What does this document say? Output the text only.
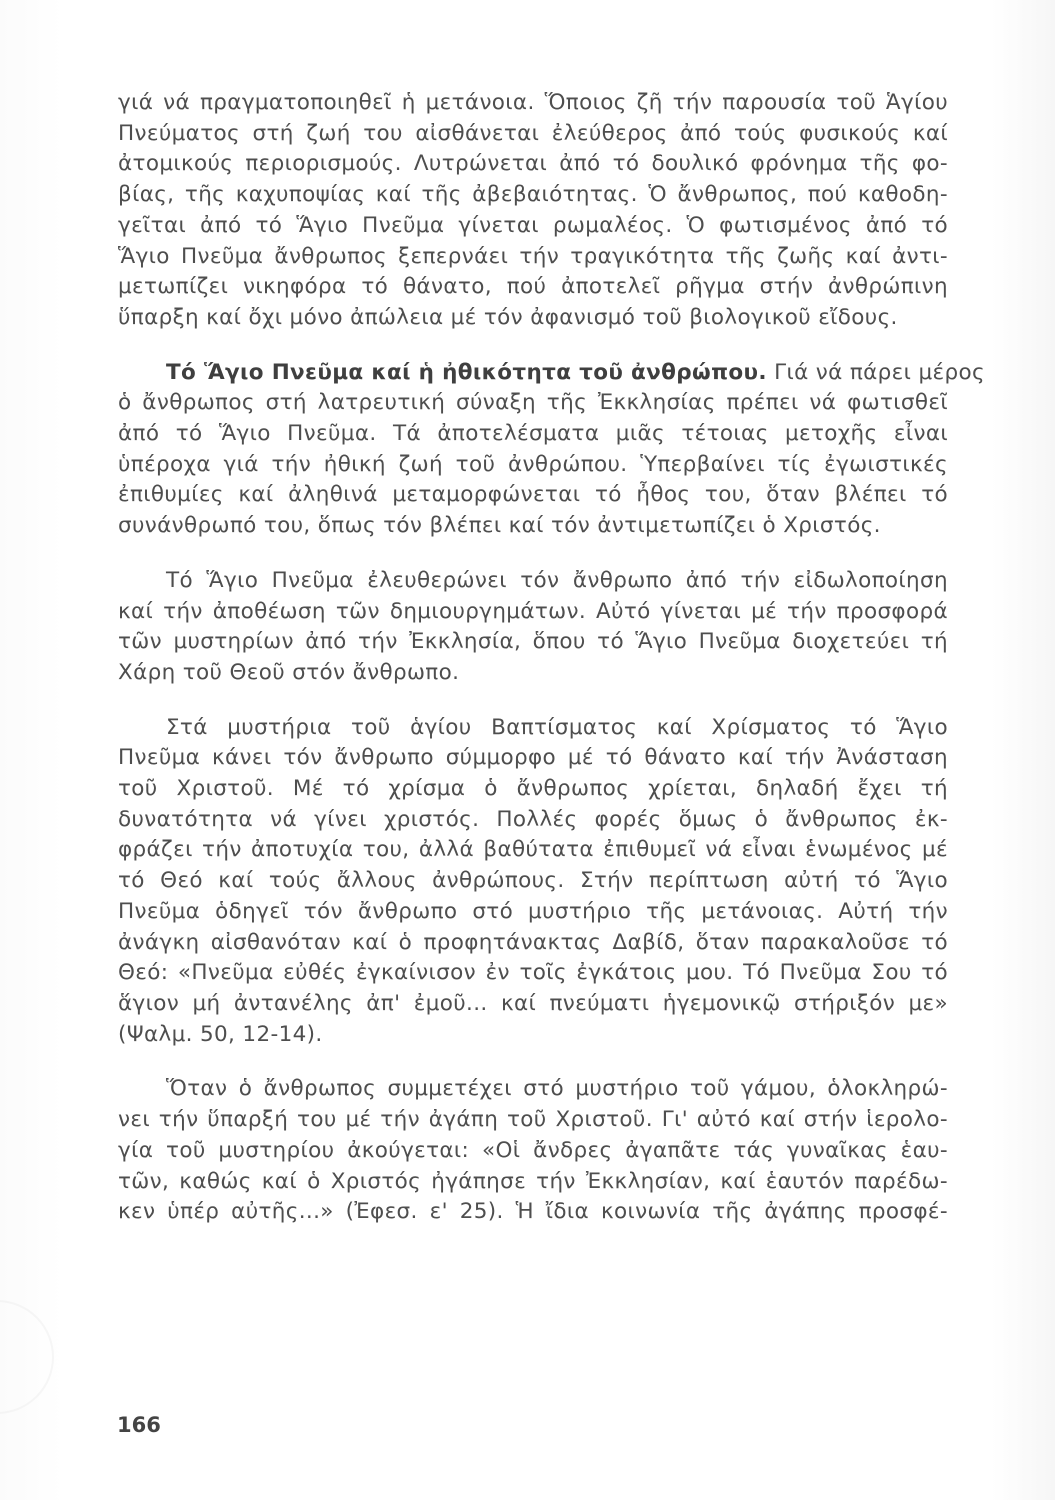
γιά νά πραγματοποιηθεῖ ἡ μετάνοια. Ὅποιος ζῆ τήν παρουσία τοῦ Ἁγίου
Πνεύματος στή ζωή του αἰσθάνεται ἐλεύθερος ἀπό τούς φυσικούς καί
ἀτομικούς περιορισμούς. Λυτρώνεται ἀπό τό δουλικό φρόνημα τῆς φο-
βίας, τῆς καχυποψίας καί τῆς ἀβεβαιότητας. Ὁ ἄνθρωπος, πού καθοδη-
γεῖται ἀπό τό Ἅγιο Πνεῦμα γίνεται ρωμαλέος. Ὁ φωτισμένος ἀπό τό
Ἅγιο Πνεῦμα ἄνθρωπος ξεπερνάει τήν τραγικότητα τῆς ζωῆς καί ἀντι-
μετωπίζει νικηφόρα τό θάνατο, πού ἀποτελεῖ ρῆγμα στήν ἀνθρώπινη
ὕπαρξη καί ὄχι μόνο ἀπώλεια μέ τόν ἀφανισμό τοῦ βιολογικοῦ εἴδους.

Τό Ἅγιο Πνεῦμα καί ἡ ἠθικότητα τοῦ ἀνθρώπου. Γιά νά πάρει μέρος
ὁ ἄνθρωπος στή λατρευτική σύναξη τῆς Ἐκκλησίας πρέπει νά φωτισθεῖ
ἀπό τό Ἅγιο Πνεῦμα. Τά ἀποτελέσματα μιᾶς τέτοιας μετοχῆς εἶναι
ὑπέροχα γιά τήν ἠθική ζωή τοῦ ἀνθρώπου. Ὑπερβαίνει τίς ἐγωιστικές
ἐπιθυμίες καί ἀληθινά μεταμορφώνεται τό ἦθος του, ὅταν βλέπει τό
συνάνθρωπό του, ὅπως τόν βλέπει καί τόν ἀντιμετωπίζει ὁ Χριστός.

Τό Ἅγιο Πνεῦμα ἐλευθερώνει τόν ἄνθρωπο ἀπό τήν εἰδωλοποίηση
καί τήν ἀποθέωση τῶν δημιουργημάτων. Αὐτό γίνεται μέ τήν προσφορά
τῶν μυστηρίων ἀπό τήν Ἐκκλησία, ὅπου τό Ἅγιο Πνεῦμα διοχετεύει τή
Χάρη τοῦ Θεοῦ στόν ἄνθρωπο.

Στά μυστήρια τοῦ ἁγίου Βαπτίσματος καί Χρίσματος τό Ἅγιο
Πνεῦμα κάνει τόν ἄνθρωπο σύμμορφο μέ τό θάνατο καί τήν Ἀνάσταση
τοῦ Χριστοῦ. Μέ τό χρίσμα ὁ ἄνθρωπος χρίεται, δηλαδή ἔχει τή
δυνατότητα νά γίνει χριστός. Πολλές φορές ὅμως ὁ ἄνθρωπος ἐκ-
φράζει τήν ἀποτυχία του, ἀλλά βαθύτατα ἐπιθυμεῖ νά εἶναι ἑνωμένος μέ
τό Θεό καί τούς ἄλλους ἀνθρώπους. Στήν περίπτωση αὐτή τό Ἅγιο
Πνεῦμα ὁδηγεῖ τόν ἄνθρωπο στό μυστήριο τῆς μετάνοιας. Αὐτή τήν
ἀνάγκη αἰσθανόταν καί ὁ προφητάνακτας Δαβίδ, ὅταν παρακαλοῦσε τό
Θεό: «Πνεῦμα εὐθές ἐγκαίνισον ἐν τοῖς ἐγκάτοις μου. Τό Πνεῦμα Σου τό
ἅγιον μή ἀντανέλης ἀπ' ἐμοῦ... καί πνεύματι ἡγεμονικῷ στήριξόν με»
(Ψαλμ. 50, 12-14).

Ὅταν ὁ ἄνθρωπος συμμετέχει στό μυστήριο τοῦ γάμου, ὁλοκληρώ-
νει τήν ὕπαρξή του μέ τήν ἀγάπη τοῦ Χριστοῦ. Γι' αὐτό καί στήν ἱερολο-
γία τοῦ μυστηρίου ἀκούγεται: «Οἱ ἄνδρες ἀγαπᾶτε τάς γυναῖκας ἑαυ-
τῶν, καθώς καί ὁ Χριστός ἠγάπησε τήν Ἐκκλησίαν, καί ἑαυτόν παρέδω-
κεν ὑπέρ αὐτῆς...» (Ἐφεσ. ε' 25). Ἡ ἴδια κοινωνία τῆς ἀγάπης προσφέ-

166
